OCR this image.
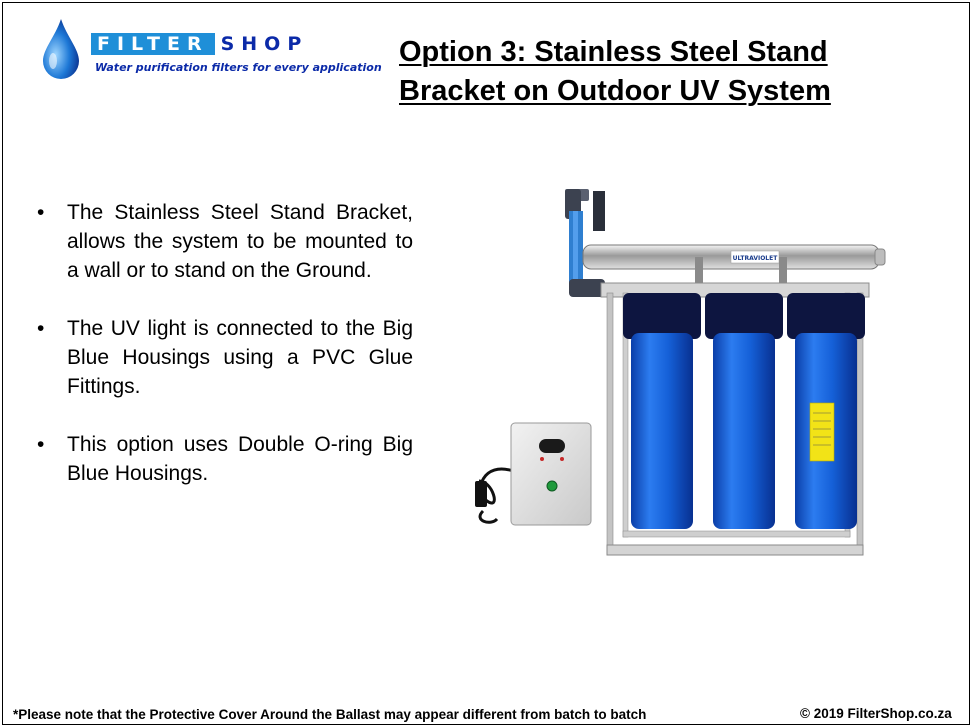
FILTER SHOP
Water purification filters for every application Option 3: Stainless Steel Stand
Bracket on Outdoor UV System
• The Stainless Steel Stand Bracket, allows the system to be mounted to a wall or to stand on the Ground.
• The UV light is connected to the Big Blue Housings using a PVC Glue Fittings.
• This option uses Double O-ring Big Blue Housings.
ULTRAVIOLET
*Please note that the Protective Cover Around the Ballast may appear different from batch to batch	© 2019 FilterShop.co.za
